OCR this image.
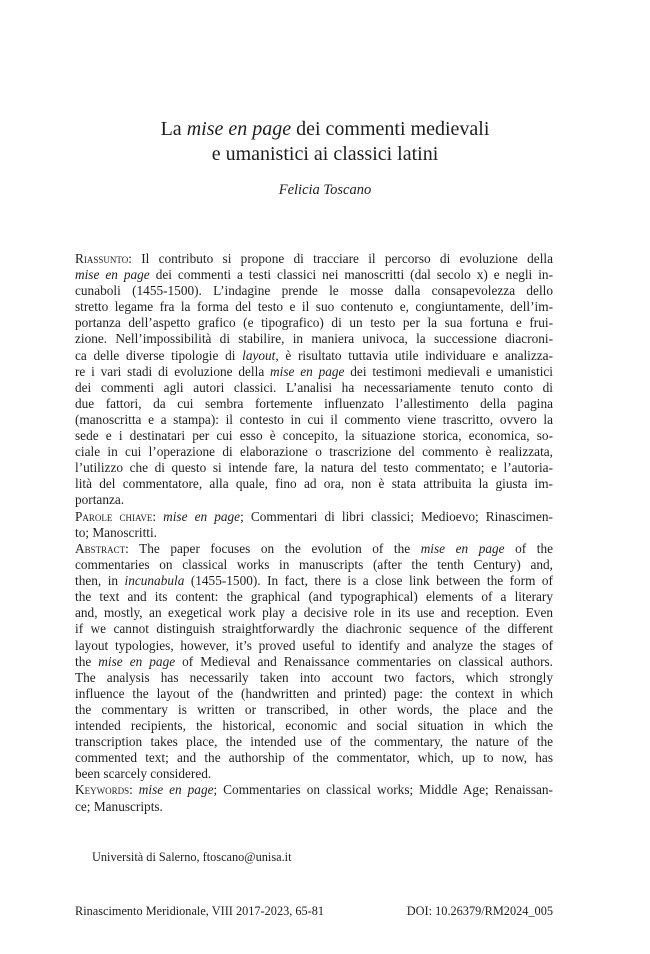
La mise en page dei commenti medievali
e umanistici ai classici latini
Felicia Toscano
Riassunto: Il contributo si propone di tracciare il percorso di evoluzione della
mise en page dei commenti a testi classici nei manoscritti (dal secolo x) e negli in-
cunaboli (1455-1500). L’indagine prende le mosse dalla consapevolezza dello
stretto legame fra la forma del testo e il suo contenuto e, congiuntamente, dell’im-
portanza dell’aspetto grafico (e tipografico) di un testo per la sua fortuna e frui-
zione. Nell’impossibilità di stabilire, in maniera univoca, la successione diacroni-
ca delle diverse tipologie di layout, è risultato tuttavia utile individuare e analizza-
re i vari stadi di evoluzione della mise en page dei testimoni medievali e umanistici
dei commenti agli autori classici. L’analisi ha necessariamente tenuto conto di
due fattori, da cui sembra fortemente influenzato l’allestimento della pagina
(manoscritta e a stampa): il contesto in cui il commento viene trascritto, ovvero la
sede e i destinatari per cui esso è concepito, la situazione storica, economica, so-
ciale in cui l’operazione di elaborazione o trascrizione del commento è realizzata,
l’utilizzo che di questo si intende fare, la natura del testo commentato; e l’autoria-
lità del commentatore, alla quale, fino ad ora, non è stata attribuita la giusta im-
portanza.
Parole chiave: mise en page; Commentari di libri classici; Medioevo; Rinascimen-
to; Manoscritti.
Abstract: The paper focuses on the evolution of the mise en page of the
commentaries on classical works in manuscripts (after the tenth Century) and,
then, in incunabula (1455-1500). In fact, there is a close link between the form of
the text and its content: the graphical (and typographical) elements of a literary
and, mostly, an exegetical work play a decisive role in its use and reception. Even
if we cannot distinguish straightforwardly the diachronic sequence of the different
layout typologies, however, it’s proved useful to identify and analyze the stages of
the mise en page of Medieval and Renaissance commentaries on classical authors.
The analysis has necessarily taken into account two factors, which strongly
influence the layout of the (handwritten and printed) page: the context in which
the commentary is written or transcribed, in other words, the place and the
intended recipients, the historical, economic and social situation in which the
transcription takes place, the intended use of the commentary, the nature of the
commented text; and the authorship of the commentator, which, up to now, has
been scarcely considered.
Keywords: mise en page; Commentaries on classical works; Middle Age; Renaissan-
ce; Manuscripts.
Università di Salerno, ftoscano@unisa.it
Rinascimento Meridionale, VIII 2017-2023, 65-81	DOI: 10.26379/RM2024_005
